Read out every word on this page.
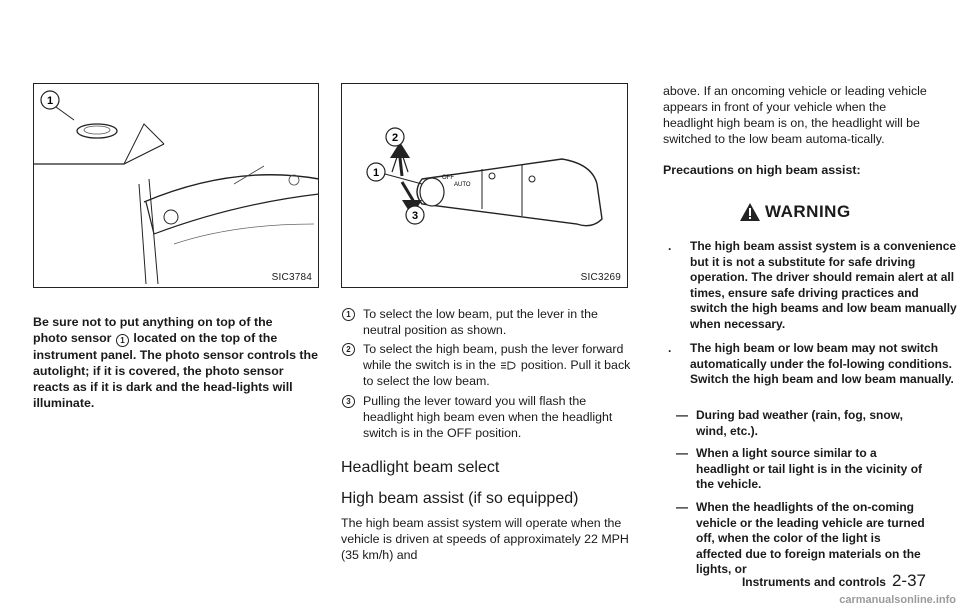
1
SIC3784
OFF
AUTO
2
1
3
SIC3269
Be sure not to put anything on top of the
photo sensor 1 located on the top of the instrument panel. The photo sensor controls the autolight; if it is covered, the photo sensor reacts as if it is dark and the head-lights will illuminate.
1 To select the low beam, put the lever in the neutral position as shown.
2 To select the high beam, push the lever forward while the switch is in the position. Pull it back to select the low beam.
3 Pulling the lever toward you will flash the headlight high beam even when the headlight switch is in the OFF position.
Headlight beam select
High beam assist (if so equipped)
The high beam assist system will operate when the vehicle is driven at speeds of approximately 22 MPH (35 km/h) and
above. If an oncoming vehicle or leading vehicle appears in front of your vehicle when the headlight high beam is on, the headlight will be switched to the low beam automa-tically.
Precautions on high beam assist:
WARNING
. The high beam assist system is a convenience but it is not a substitute for safe driving operation. The driver should remain alert at all times, ensure safe driving practices and switch the high beams and low beam manually when necessary.
. The high beam or low beam may not switch automatically under the fol-lowing conditions. Switch the high beam and low beam manually.
— During bad weather (rain, fog, snow, wind, etc.).
— When a light source similar to a headlight or tail light is in the vicinity of the vehicle.
— When the headlights of the on-coming vehicle or the leading vehicle are turned off, when the color of the light is affected due to foreign materials on the lights, or
Instruments and controls 2-37
carmanualsonline.info
